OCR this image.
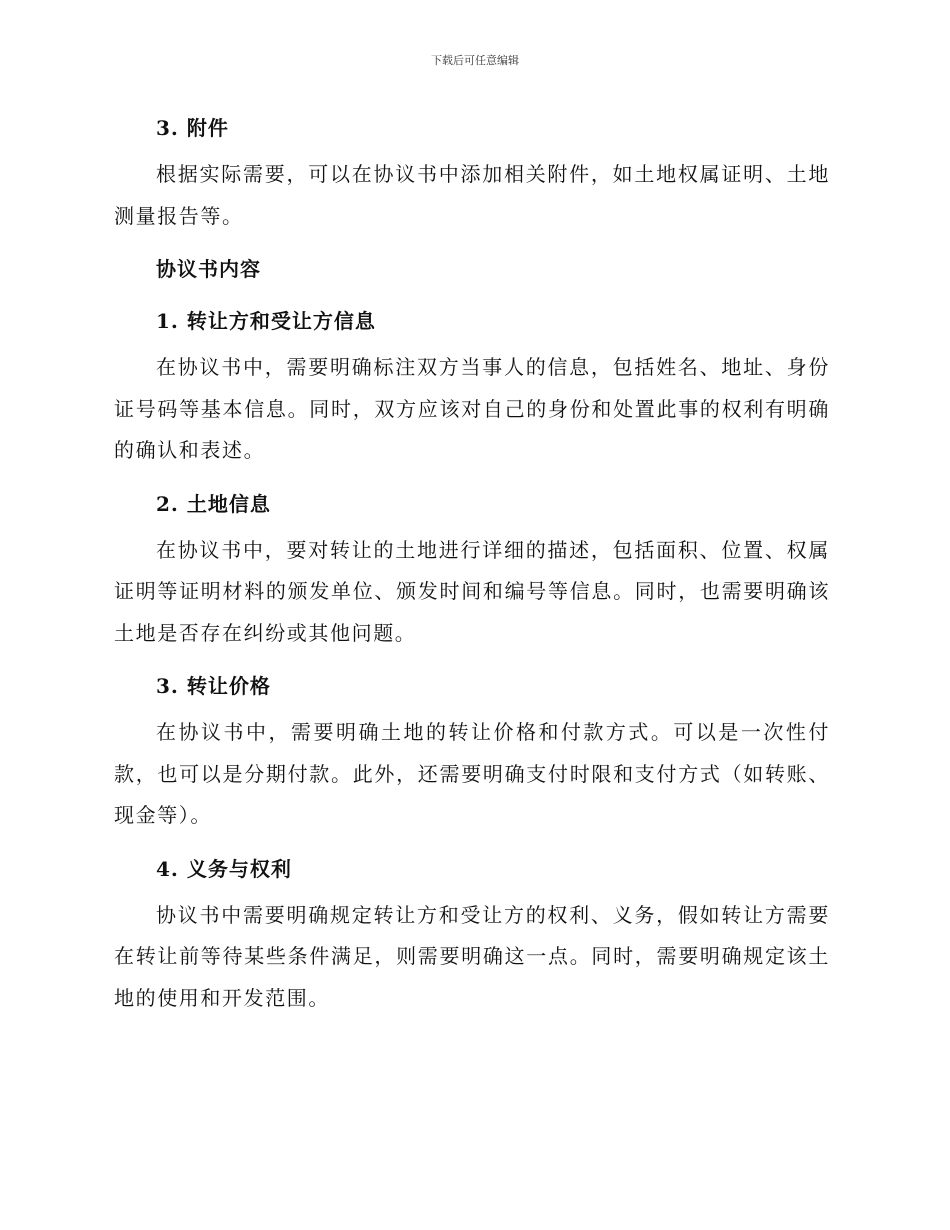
下载后可任意编辑
3. 附件

根据实际需要，可以在协议书中添加相关附件，如土地权属证明、土地测量报告等。

协议书内容
1. 转让方和受让方信息

在协议书中，需要明确标注双方当事人的信息，包括姓名、地址、身份证号码等基本信息。同时，双方应该对自己的身份和处置此事的权利有明确的确认和表述。

2. 土地信息

在协议书中，要对转让的土地进行详细的描述，包括面积、位置、权属证明等证明材料的颁发单位、颁发时间和编号等信息。同时，也需要明确该土地是否存在纠纷或其他问题。

3. 转让价格

在协议书中，需要明确土地的转让价格和付款方式。可以是一次性付款，也可以是分期付款。此外，还需要明确支付时限和支付方式（如转账、现金等）。

4. 义务与权利

协议书中需要明确规定转让方和受让方的权利、义务，假如转让方需要在转让前等待某些条件满足，则需要明确这一点。同时，需要明确规定该土地的使用和开发范围。
